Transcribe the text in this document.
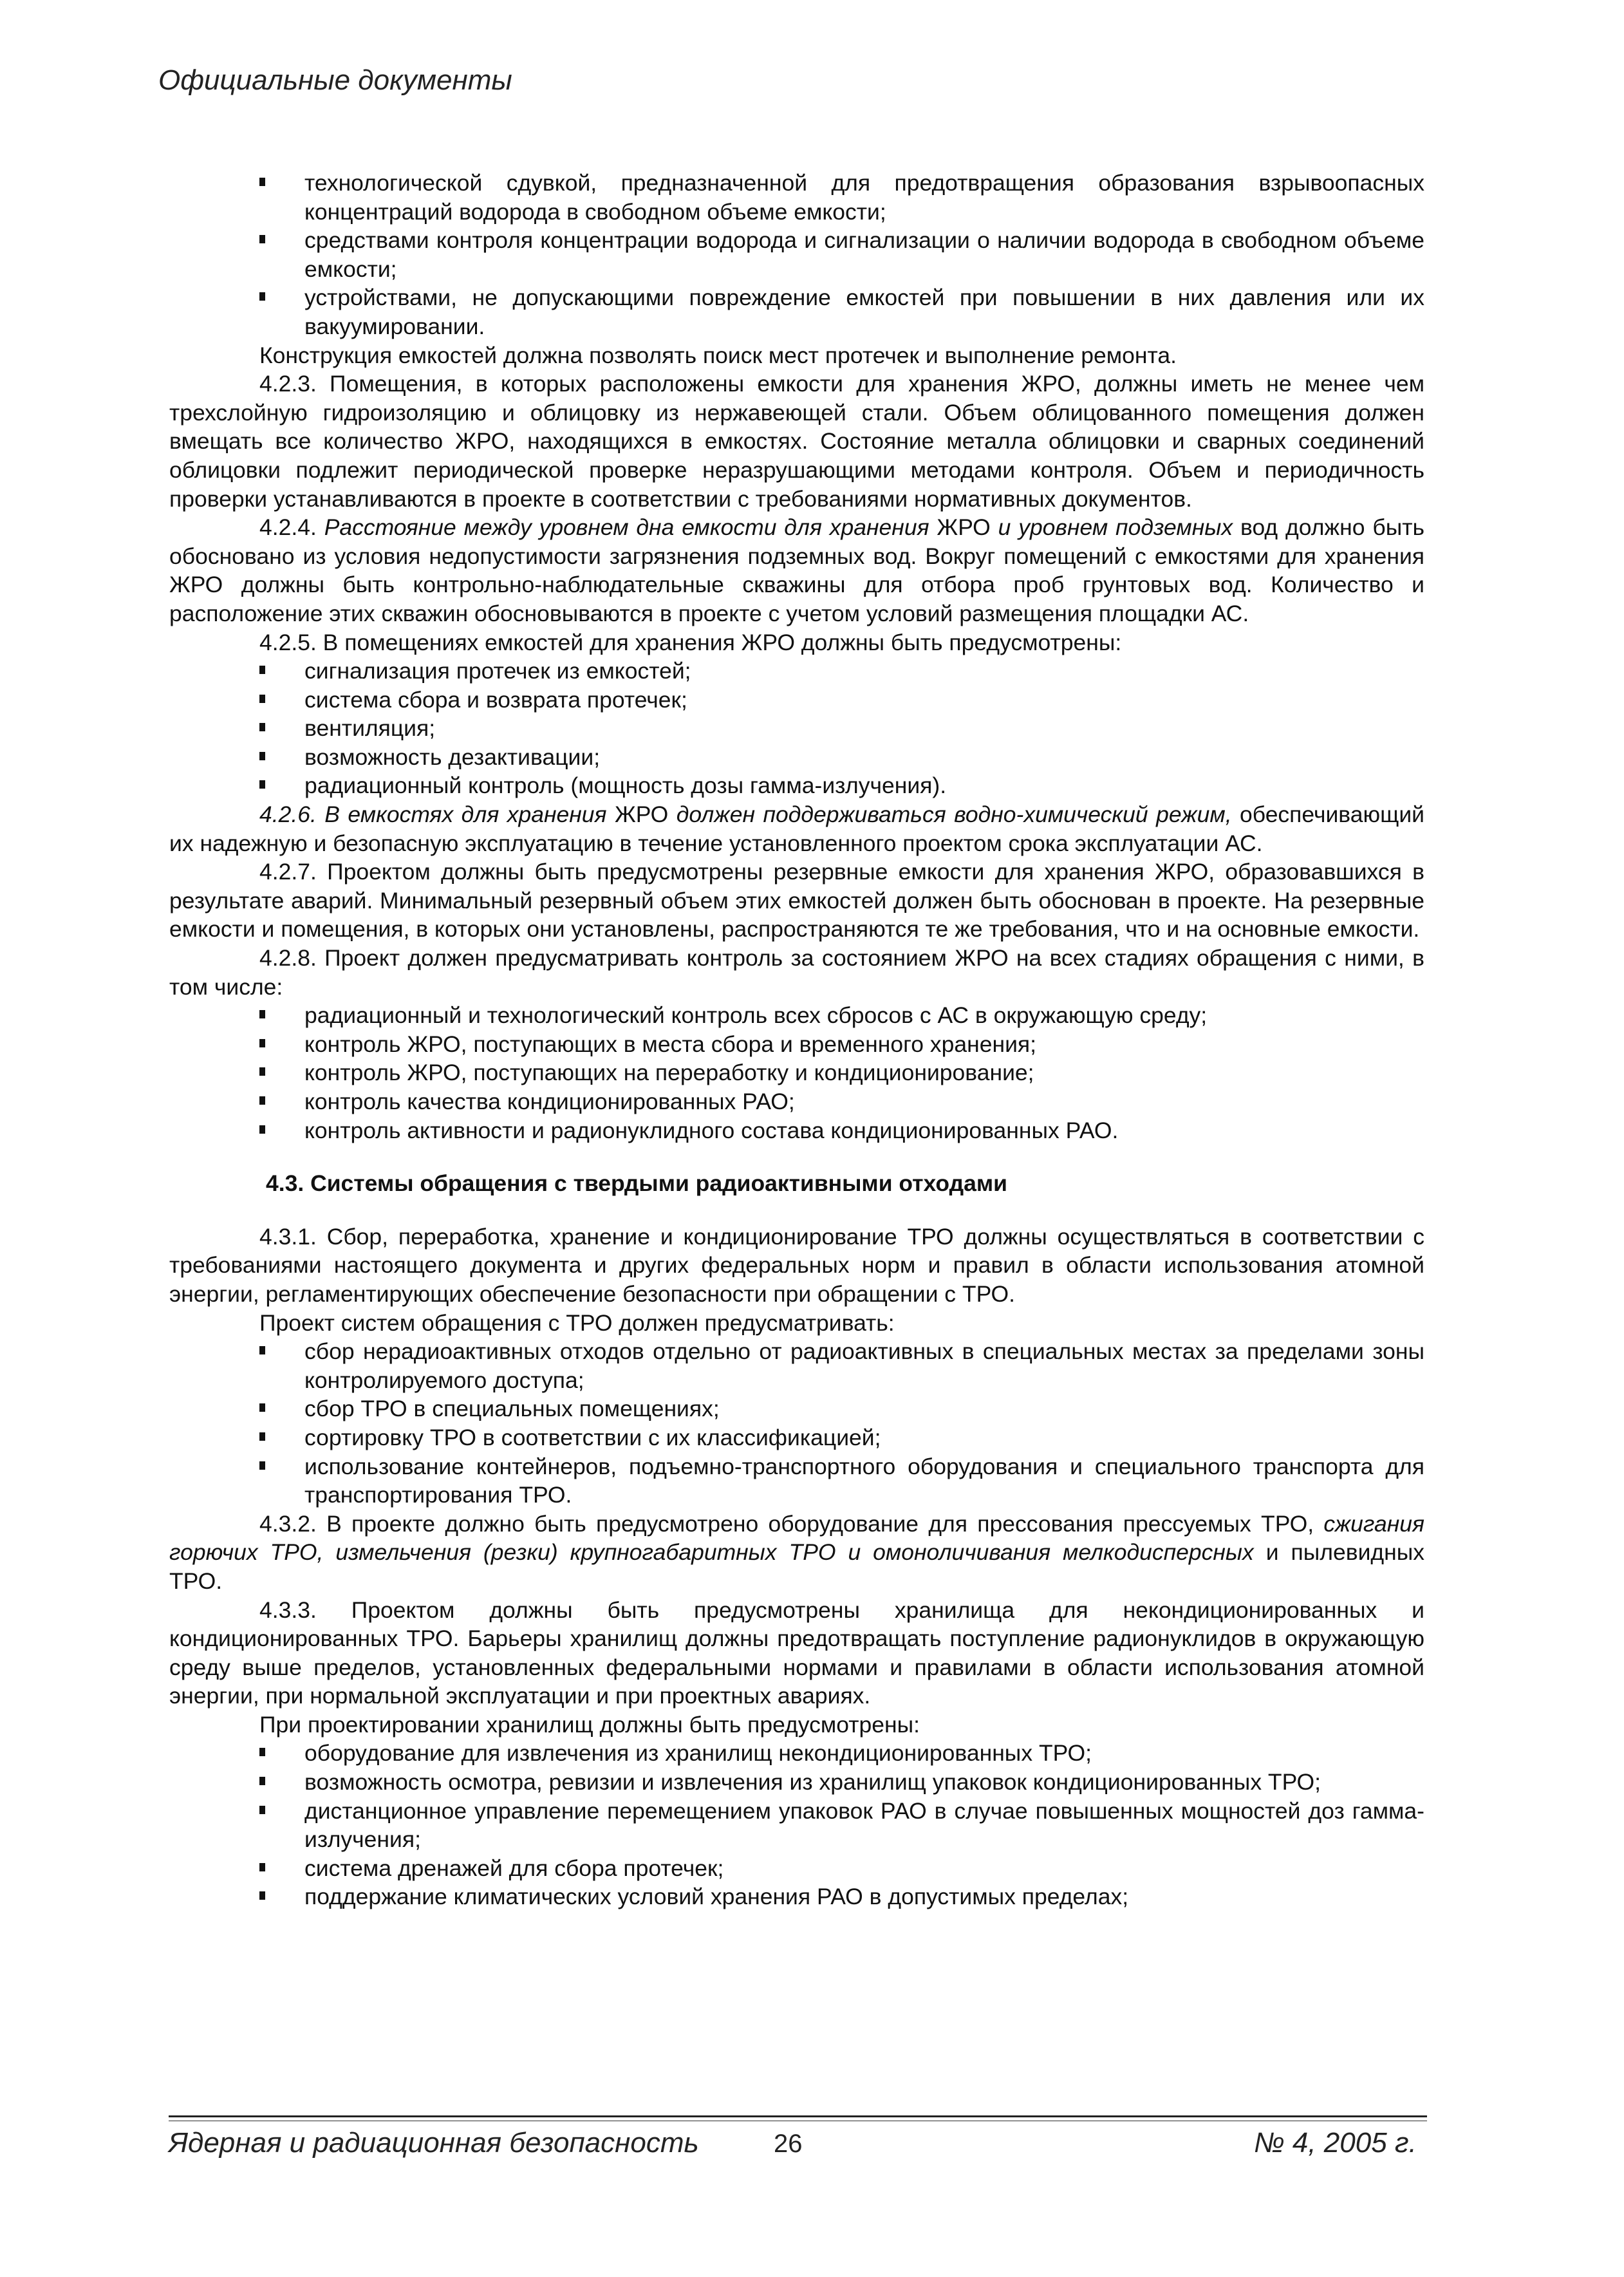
Официальные документы
технологической сдувкой, предназначенной для предотвращения образования взрывоопасных концентраций водорода в свободном объеме емкости;
средствами контроля концентрации водорода и сигнализации о наличии водорода в свободном объеме емкости;
устройствами, не допускающими повреждение емкостей при повышении в них давления или их вакуумировании.

Конструкция емкостей должна позволять поиск мест протечек и выполнение ремонта.

4.2.3. Помещения, в которых расположены емкости для хранения ЖРО, должны иметь не менее чем трехслойную гидроизоляцию и облицовку из нержавеющей стали. Объем облицованного помещения должен вмещать все количество ЖРО, находящихся в емкостях. Состояние металла облицовки и сварных соединений облицовки подлежит периодической проверке неразрушающими методами контроля. Объем и периодичность проверки устанавливаются в проекте в соответствии с требованиями нормативных документов.

4.2.4. Расстояние между уровнем дна емкости для хранения ЖРО и уровнем подземных вод должно быть обосновано из условия недопустимости загрязнения подземных вод. Вокруг помещений с емкостями для хранения ЖРО должны быть контрольно-наблюдательные скважины для отбора проб грунтовых вод. Количество и расположение этих скважин обосновываются в проекте с учетом условий размещения площадки АС.

4.2.5. В помещениях емкостей для хранения ЖРО должны быть предусмотрены:

сигнализация протечек из емкостей;
система сбора и возврата протечек;
вентиляция;
возможность дезактивации;
радиационный контроль (мощность дозы гамма-излучения).

4.2.6. В емкостях для хранения ЖРО должен поддерживаться водно-химический режим, обеспечивающий их надежную и безопасную эксплуатацию в течение установленного проектом срока эксплуатации АС.

4.2.7. Проектом должны быть предусмотрены резервные емкости для хранения ЖРО, образовавшихся в результате аварий. Минимальный резервный объем этих емкостей должен быть обоснован в проекте. На резервные емкости и помещения, в которых они установлены, распространяются те же требования, что и на основные емкости.

4.2.8. Проект должен предусматривать контроль за состоянием ЖРО на всех стадиях обращения с ними, в том числе:

радиационный и технологический контроль всех сбросов с АС в окружающую среду;
контроль ЖРО, поступающих в места сбора и временного хранения;
контроль ЖРО, поступающих на переработку и кондиционирование;
контроль качества кондиционированных РАО;
контроль активности и радионуклидного состава кондиционированных РАО.

4.3. Системы обращения с твердыми радиоактивными отходами

4.3.1. Сбор, переработка, хранение и кондиционирование ТРО должны осуществляться в соответствии с требованиями настоящего документа и других федеральных норм и правил в области использования атомной энергии, регламентирующих обеспечение безопасности при обращении с ТРО.

Проект систем обращения с ТРО должен предусматривать:

сбор нерадиоактивных отходов отдельно от радиоактивных в специальных местах за пределами зоны контролируемого доступа;
сбор ТРО в специальных помещениях;
сортировку ТРО в соответствии с их классификацией;
использование контейнеров, подъемно-транспортного оборудования и специального транспорта для транспортирования ТРО.

4.3.2. В проекте должно быть предусмотрено оборудование для прессования прессуемых ТРО, сжигания горючих ТРО, измельчения (резки) крупногабаритных ТРО и омоноличивания мелкодисперсных и пылевидных ТРО.

4.3.3. Проектом должны быть предусмотрены хранилища для некондиционированных и кондиционированных ТРО. Барьеры хранилищ должны предотвращать поступление радионуклидов в окружающую среду выше пределов, установленных федеральными нормами и правилами в области использования атомной энергии, при нормальной эксплуатации и при проектных авариях.

При проектировании хранилищ должны быть предусмотрены:

оборудование для извлечения из хранилищ некондиционированных ТРО;
возможность осмотра, ревизии и извлечения из хранилищ упаковок кондиционированных ТРО;
дистанционное управление перемещением упаковок РАО в случае повышенных мощностей доз гамма-излучения;
система дренажей для сбора протечек;
поддержание климатических условий хранения РАО в допустимых пределах;
Ядерная и радиационная безопасность	26	№ 4, 2005 г.
